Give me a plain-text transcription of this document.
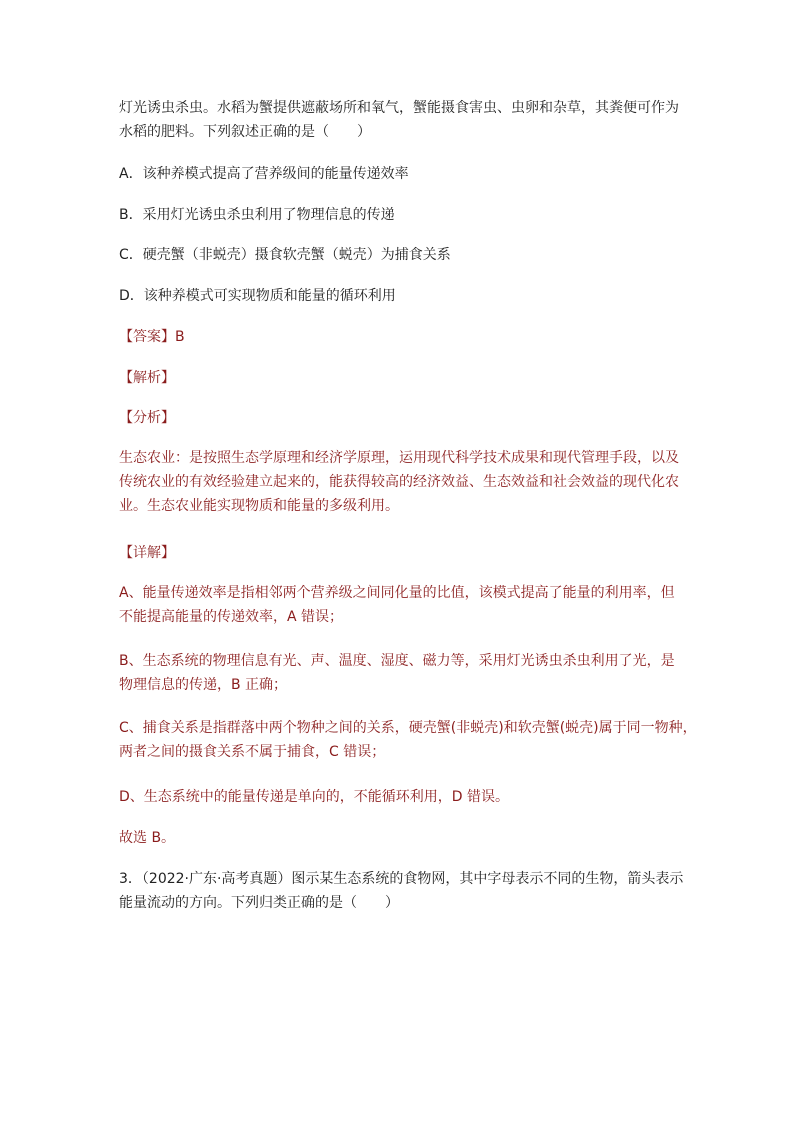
灯光诱虫杀虫。水稻为蟹提供遮蔽场所和氧气，蟹能摄食害虫、虫卵和杂草，其粪便可作为
水稻的肥料。下列叙述正确的是（　　）

A．该种养模式提高了营养级间的能量传递效率

B．采用灯光诱虫杀虫利用了物理信息的传递

C．硬壳蟹（非蜕壳）摄食软壳蟹（蜕壳）为捕食关系

D．该种养模式可实现物质和能量的循环利用

【答案】B

【解析】

【分析】

生态农业：是按照生态学原理和经济学原理，运用现代科学技术成果和现代管理手段，以及
传统农业的有效经验建立起来的，能获得较高的经济效益、生态效益和社会效益的现代化农
业。生态农业能实现物质和能量的多级利用。

【详解】

A、能量传递效率是指相邻两个营养级之间同化量的比值，该模式提高了能量的利用率，但
不能提高能量的传递效率，A 错误；

B、生态系统的物理信息有光、声、温度、湿度、磁力等，采用灯光诱虫杀虫利用了光，是
物理信息的传递，B 正确；

C、捕食关系是指群落中两个物种之间的关系，硬壳蟹(非蜕壳)和软壳蟹(蜕壳)属于同一物种，
两者之间的摄食关系不属于捕食，C 错误；

D、生态系统中的能量传递是单向的，不能循环利用，D 错误。

故选 B。

3．（2022·广东·高考真题）图示某生态系统的食物网，其中字母表示不同的生物，箭头表示
能量流动的方向。下列归类正确的是（　　）
